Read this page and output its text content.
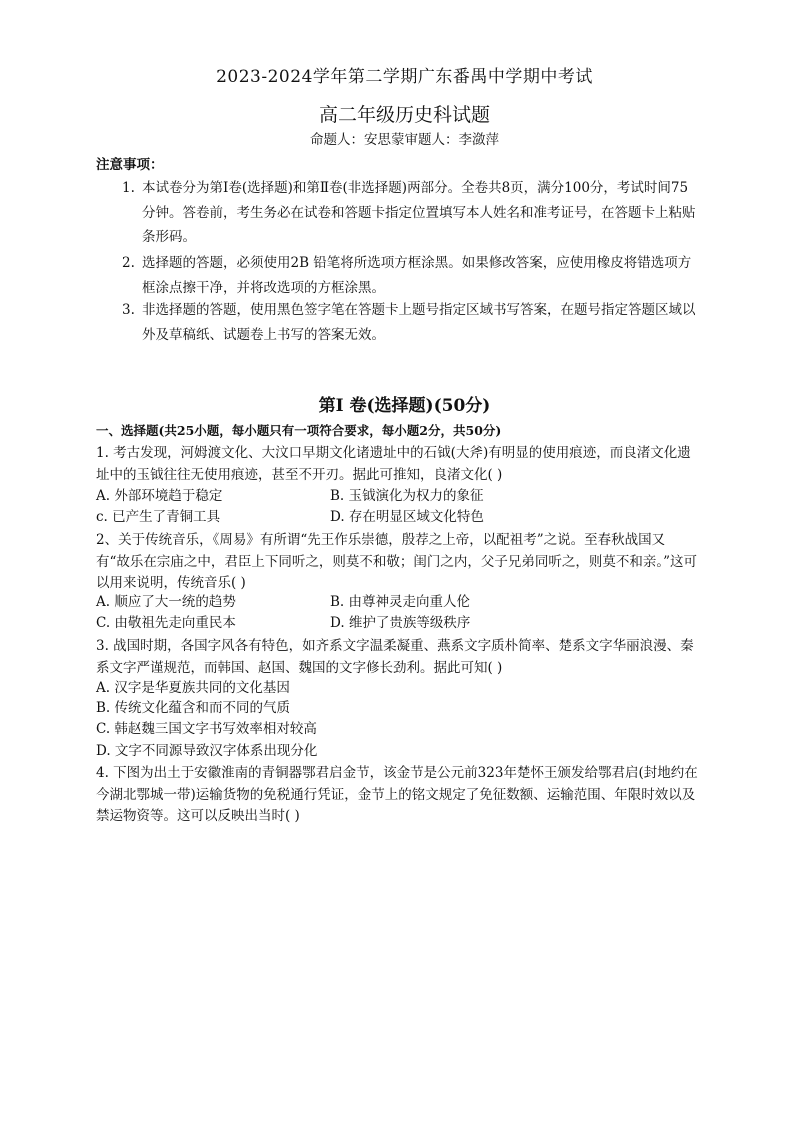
2023-2024学年第二学期广东番禺中学期中考试
高二年级历史科试题
命题人：安思蒙审题人：李潋萍
注意事项：
1. 本试卷分为第Ⅰ卷(选择题)和第Ⅱ卷(非选择题)两部分。全卷共8页，满分100分，考试时间75 分钟。答卷前，考生务必在试卷和答题卡指定位置填写本人姓名和准考证号，在答题卡上粘贴条形码。
2. 选择题的答题，必须使用2B 铅笔将所选项方框涂黑。如果修改答案，应使用橡皮将错选项方框涂点擦干净，并将改选项的方框涂黑。
3. 非选择题的答题，使用黑色签字笔在答题卡上题号指定区域书写答案，在题号指定答题区域以外及草稿纸、试题卷上书写的答案无效。
第I 卷(选择题)(50分)
一、选择题(共25小题，每小题只有一项符合要求，每小题2分，共50分)
1. 考古发现，河姆渡文化、大汶口早期文化诸遗址中的石钺(大斧)有明显的使用痕迹，而良渚文化遗址中的玉钺往往无使用痕迹，甚至不开刃。据此可推知，良渚文化( )
A. 外部环境趋于稳定	B. 玉钺演化为权力的象征
c. 已产生了青铜工具	D. 存在明显区域文化特色
2、关于传统音乐，《周易》有所谓“先王作乐崇德，殷荐之上帝，以配祖考”之说。至春秋战国又有“故乐在宗庙之中，君臣上下同听之，则莫不和敬；闺门之内，父子兄弟同听之，则莫不和亲。”这可以用来说明，传统音乐( )
A. 顺应了大一统的趋势	B. 由尊神灵走向重人伦
C. 由敬祖先走向重民本	D. 维护了贵族等级秩序
3. 战国时期，各国字风各有特色，如齐系文字温柔凝重、燕系文字质朴简率、楚系文字华丽浪漫、秦系文字严谨规范，而韩国、赵国、魏国的文字修长劲利。据此可知( )
A. 汉字是华夏族共同的文化基因
B. 传统文化蕴含和而不同的气质
C. 韩赵魏三国文字书写效率相对较高
D. 文字不同源导致汉字体系出现分化
4. 下图为出土于安徽淮南的青铜器鄂君启金节，该金节是公元前323年楚怀王颁发给鄂君启(封地约在今湖北鄂城一带)运输货物的免税通行凭证，金节上的铭文规定了免征数额、运输范围、年限时效以及禁运物资等。这可以反映出当时( )
